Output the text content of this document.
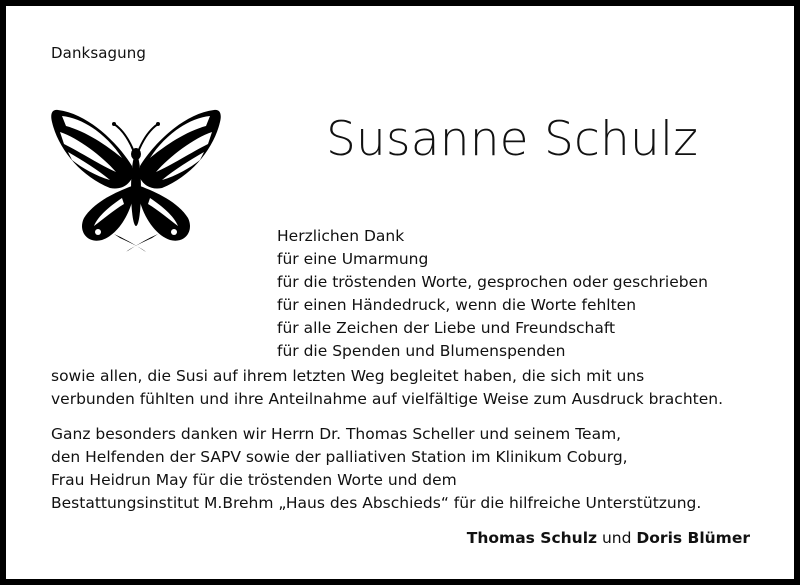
Danksagung
Susanne Schulz
Herzlichen Dank
für eine Umarmung
für die tröstenden Worte, gesprochen oder geschrieben
für einen Händedruck, wenn die Worte fehlten
für alle Zeichen der Liebe und Freundschaft
für die Spenden und Blumenspenden
sowie allen, die Susi auf ihrem letzten Weg begleitet haben, die sich mit uns
verbunden fühlten und ihre Anteilnahme auf vielfältige Weise zum Ausdruck brachten.
Ganz besonders danken wir Herrn Dr. Thomas Scheller und seinem Team,
den Helfenden der SAPV sowie der palliativen Station im Klinikum Coburg,
Frau Heidrun May für die tröstenden Worte und dem
Bestattungsinstitut M.Brehm „Haus des Abschieds“ für die hilfreiche Unterstützung.
Thomas Schulz und Doris Blümer
